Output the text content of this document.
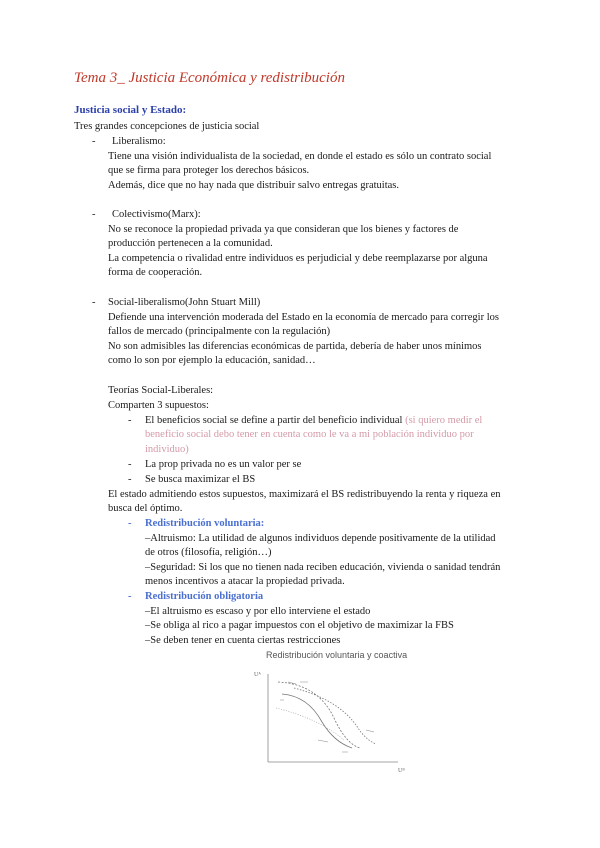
Tema 3_ Justicia Económica y redistribución
Justicia social y Estado:
Tres grandes concepciones de justicia social
- Liberalismo:
Tiene una visión individualista de la sociedad, en donde el estado es sólo un contrato social
que se firma para proteger los derechos básicos.
Además, dice que no hay nada que distribuir salvo entregas gratuitas.
- Colectivismo(Marx):
No se reconoce la propiedad privada ya que consideran que los bienes y factores de
producción pertenecen a la comunidad.
La competencia o rivalidad entre individuos es perjudicial y debe reemplazarse por alguna
forma de cooperación.
- Social-liberalismo(John Stuart Mill)
Defiende una intervención moderada del Estado en la economía de mercado para corregir los
fallos de mercado (principalmente con la regulación)
No son admisibles las diferencias económicas de partida, debería de haber unos mínimos
como lo son por ejemplo la educación, sanidad…
Teorías Social-Liberales:
Comparten 3 supuestos:
- El beneficios social se define a partir del beneficio individual (si quiero medir el
beneficio social debo tener en cuenta como le va a mi población individuo por
individuo)
- La prop privada no es un valor per se
- Se busca maximizar el BS
El estado admitiendo estos supuestos, maximizará el BS redistribuyendo la renta y riqueza en
busca del óptimo.
- Redistribución voluntaria:
–Altruismo: La utilidad de algunos individuos depende positivamente de la utilidad
de otros (filosofía, religión…)
–Seguridad: Si los que no tienen nada reciben educación, vivienda o sanidad tendrán
menos incentivos a atacar la propiedad privada.
- Redistribución obligatoria
–El altruismo es escaso y por ello interviene el estado
–Se obliga al rico a pagar impuestos con el objetivo de maximizar la FBS
–Se deben tener en cuenta ciertas restricciones
Redistribución voluntaria y coactiva
Uᴬ
Uᴮ
